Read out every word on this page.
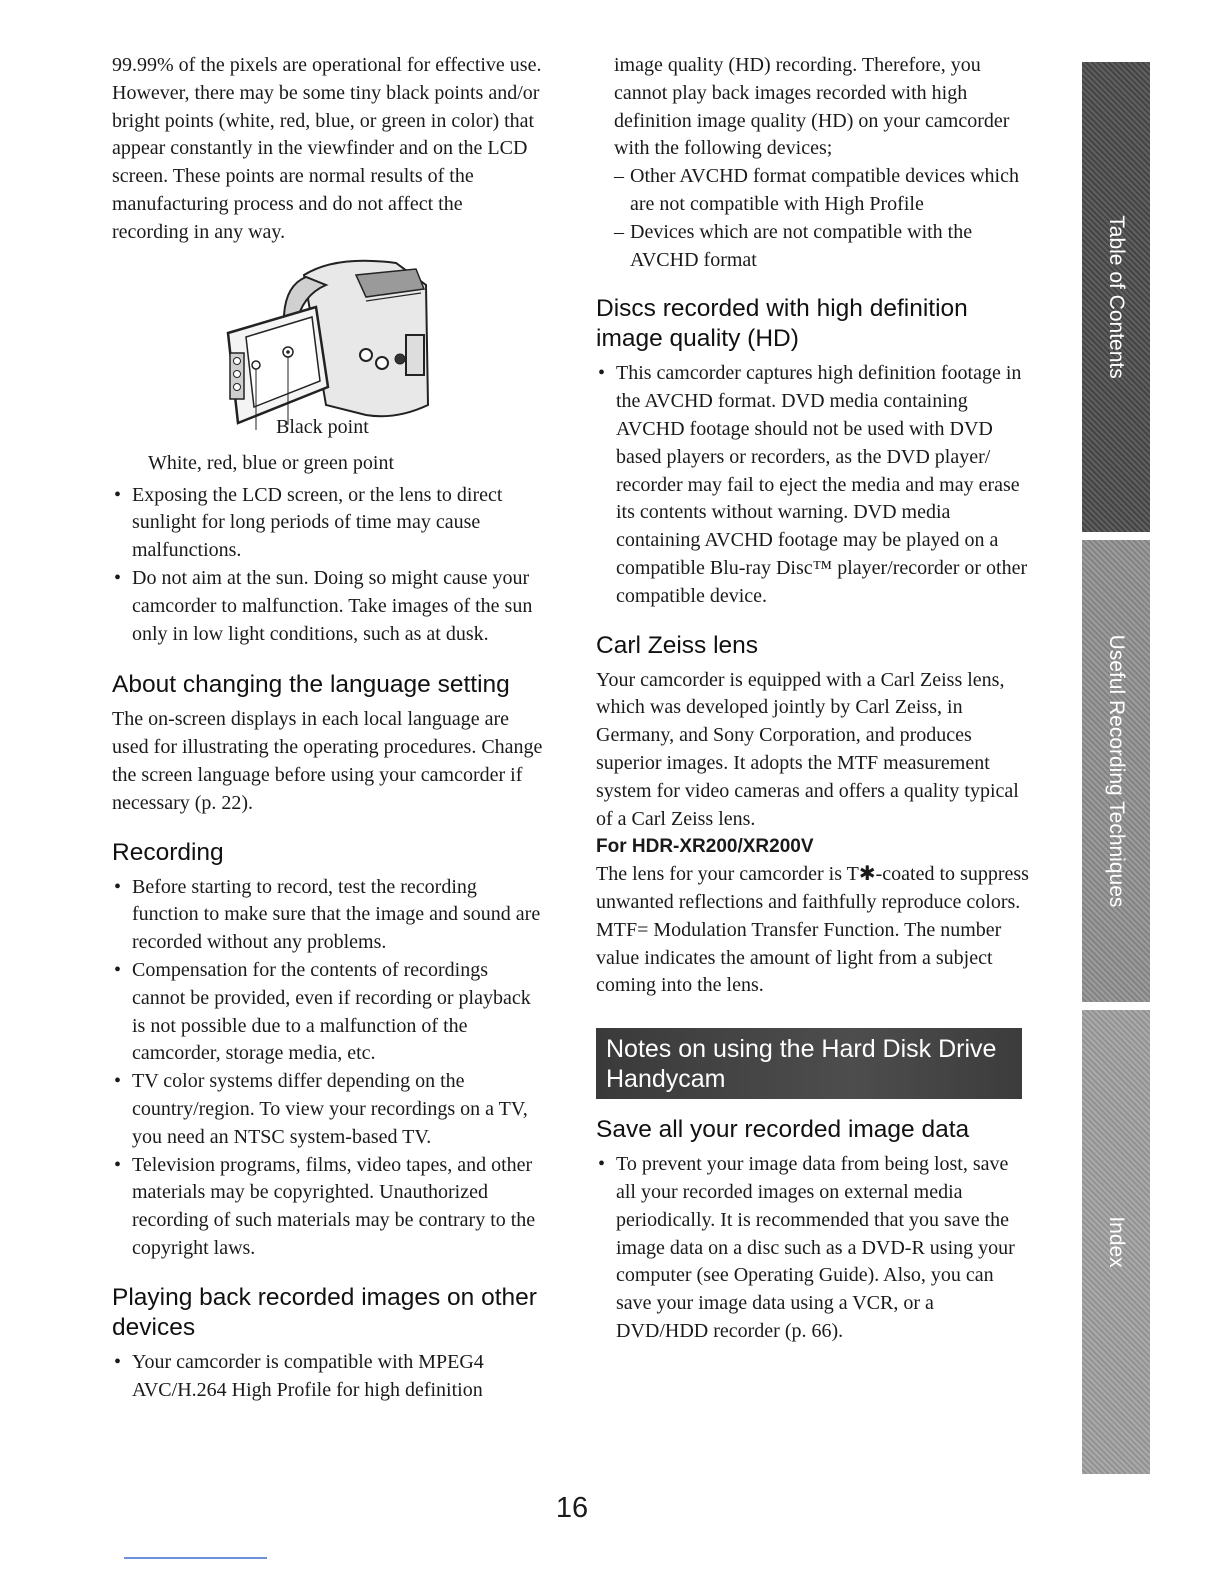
99.99% of the pixels are operational for effective use. However, there may be some tiny black points and/or bright points (white, red, blue, or green in color) that appear constantly in the viewfinder and on the LCD screen. These points are normal results of the manufacturing process and do not affect the recording in any way.

Black point
White, red, blue or green point
• Exposing the LCD screen, or the lens to direct sunlight for long periods of time may cause malfunctions.
• Do not aim at the sun. Doing so might cause your camcorder to malfunction. Take images of the sun only in low light conditions, such as at dusk.
About changing the language setting

The on-screen displays in each local language are used for illustrating the operating procedures. Change the screen language before using your camcorder if necessary (p. 22).

Recording
• Before starting to record, test the recording function to make sure that the image and sound are recorded without any problems.
• Compensation for the contents of recordings cannot be provided, even if recording or playback is not possible due to a malfunction of the camcorder, storage media, etc.
• TV color systems differ depending on the country/region. To view your recordings on a TV, you need an NTSC system-based TV.
• Television programs, films, video tapes, and other materials may be copyrighted. Unauthorized recording of such materials may be contrary to the copyright laws.
Playing back recorded images on other devices
• Your camcorder is compatible with MPEG4 AVC/H.264 High Profile for high definition

image quality (HD) recording. Therefore, you cannot play back images recorded with high definition image quality (HD) on your camcorder with the following devices;

– Other AVCHD format compatible devices which are not compatible with High Profile
– Devices which are not compatible with the AVCHD format
Discs recorded with high definition image quality (HD)
• This camcorder captures high definition footage in the AVCHD format. DVD media containing AVCHD footage should not be used with DVD based players or recorders, as the DVD player/ recorder may fail to eject the media and may erase its contents without warning. DVD media containing AVCHD footage may be played on a compatible Blu-ray Disc™ player/recorder or other compatible device.
Carl Zeiss lens

Your camcorder is equipped with a Carl Zeiss lens, which was developed jointly by Carl Zeiss, in Germany, and Sony Corporation, and produces superior images. It adopts the MTF measurement system for video cameras and offers a quality typical of a Carl Zeiss lens.

For HDR-XR200/XR200V

The lens for your camcorder is T✱-coated to suppress unwanted reflections and faithfully reproduce colors.

MTF= Modulation Transfer Function. The number value indicates the amount of light from a subject coming into the lens.

Notes on using the Hard Disk Drive Handycam
Save all your recorded image data
• To prevent your image data from being lost, save all your recorded images on external media periodically. It is recommended that you save the image data on a disc such as a DVD-R using your computer (see Operating Guide). Also, you can save your image data using a VCR, or a DVD/HDD recorder (p. 66).
Table of Contents
Useful Recording Techniques
Index
16
